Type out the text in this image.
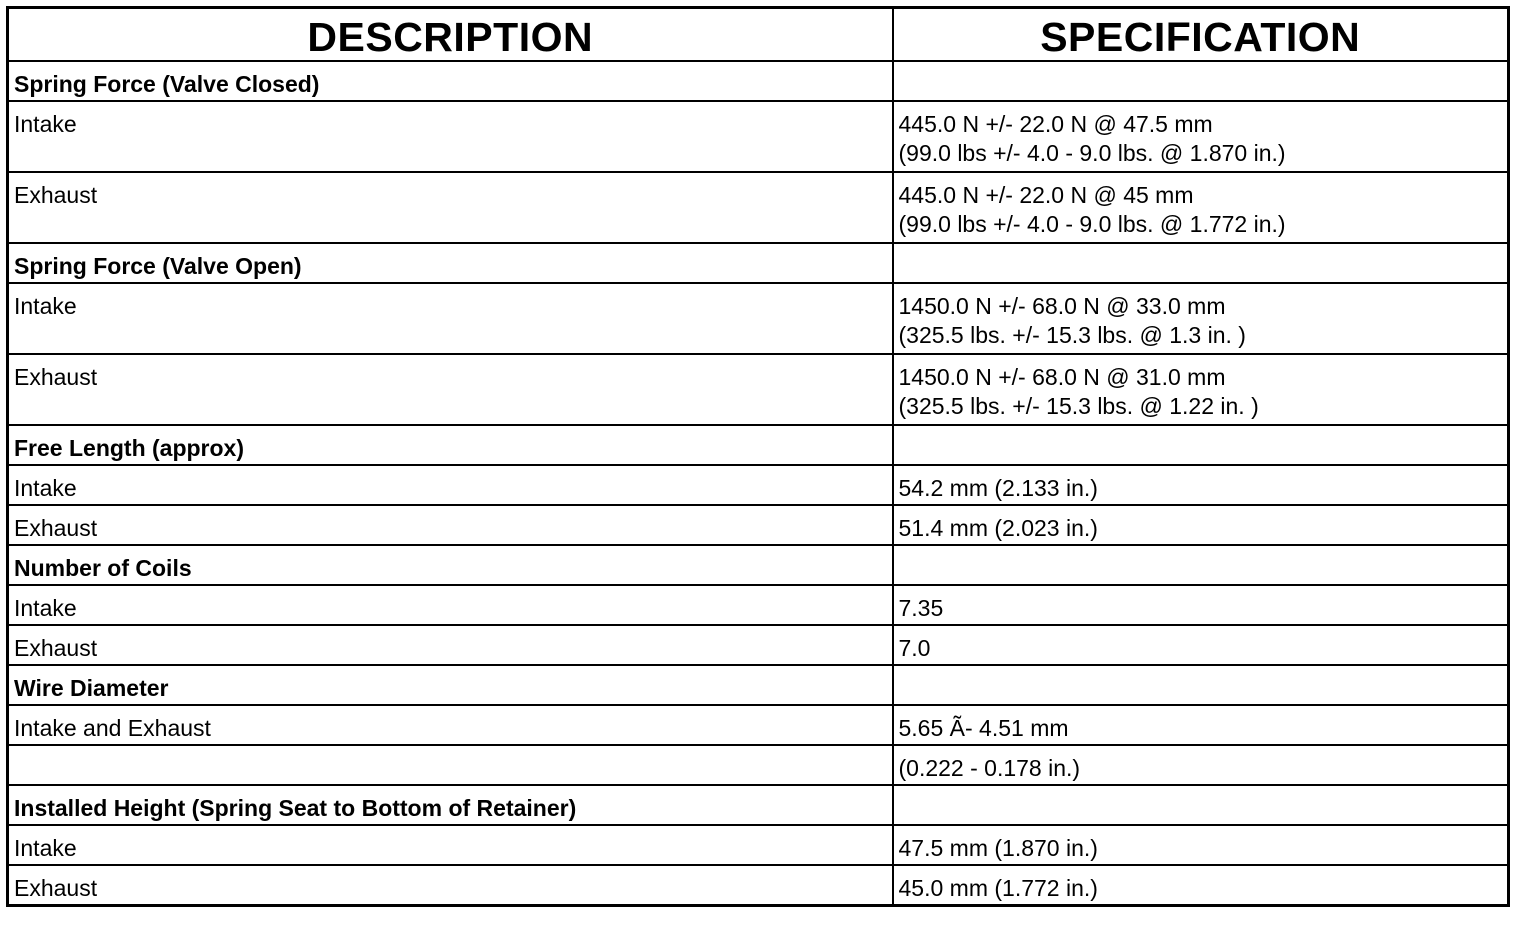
DESCRIPTION	SPECIFICATION
Spring Force (Valve Closed)	
Intake	445.0 N +/- 22.0 N @ 47.5 mm
(99.0 lbs +/- 4.0 - 9.0 lbs. @ 1.870 in.)

Exhaust	445.0 N +/- 22.0 N @ 45 mm
(99.0 lbs +/- 4.0 - 9.0 lbs. @ 1.772 in.)

Spring Force (Valve Open)	
Intake	1450.0 N +/- 68.0 N @ 33.0 mm
(325.5 lbs. +/- 15.3 lbs. @ 1.3 in. )

Exhaust	1450.0 N +/- 68.0 N @ 31.0 mm
(325.5 lbs. +/- 15.3 lbs. @ 1.22 in. )

Free Length (approx)	
Intake	54.2 mm (2.133 in.)

Exhaust	51.4 mm (2.023 in.)

Number of Coils	
Intake	7.35

Exhaust	7.0

Wire Diameter	
Intake and Exhaust	5.65 Ã- 4.51 mm

	(0.222 - 0.178 in.)

Installed Height (Spring Seat to Bottom of Retainer)	
Intake	47.5 mm (1.870 in.)

Exhaust	45.0 mm (1.772 in.)
